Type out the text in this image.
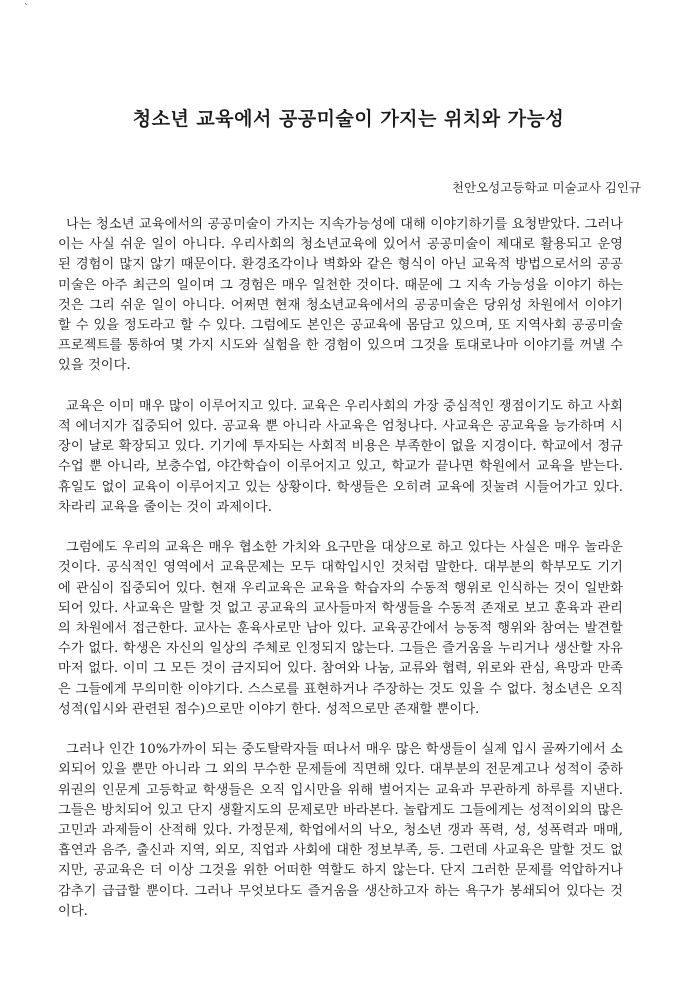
`
청소년 교육에서 공공미술이 가지는 위치와 가능성
천안오성고등학교 미술교사 김인규

나는 청소년 교육에서의 공공미술이 가지는 지속가능성에 대해 이야기하기를 요청받았다. 그러나 이는 사실 쉬운 일이 아니다. 우리사회의 청소년교육에 있어서 공공미술이 제대로 활용되고 운영된 경험이 많지 않기 때문이다. 환경조각이나 벽화와 같은 형식이 아닌 교육적 방법으로서의 공공미술은 아주 최근의 일이며 그 경험은 매우 일천한 것이다. 때문에 그 지속 가능성을 이야기 하는 것은 그리 쉬운 일이 아니다. 어쩌면 현재 청소년교육에서의 공공미술은 당위성 차원에서 이야기 할 수 있을 정도라고 할 수 있다. 그럼에도 본인은 공교육에 몸담고 있으며, 또 지역사회 공공미술 프로젝트를 통하여 몇 가지 시도와 실험을 한 경험이 있으며 그것을 토대로나마 이야기를 꺼낼 수 있을 것이다.

교육은 이미 매우 많이 이루어지고 있다. 교육은 우리사회의 가장 중심적인 쟁점이기도 하고 사회적 에너지가 집중되어 있다. 공교육 뿐 아니라 사교육은 엄청나다. 사교육은 공교육을 능가하며 시장이 날로 확장되고 있다. 기기에 투자되는 사회적 비용은 부족한이 없을 지경이다. 학교에서 정규수업 뿐 아니라, 보충수업, 야간학습이 이루어지고 있고, 학교가 끝나면 학원에서 교육을 받는다. 휴일도 없이 교육이 이루어지고 있는 상황이다. 학생들은 오히려 교육에 짓눌려 시들어가고 있다. 차라리 교육을 줄이는 것이 과제이다.

그럼에도 우리의 교육은 매우 협소한 가치와 요구만을 대상으로 하고 있다는 사실은 매우 놀라운 것이다. 공식적인 영역에서 교육문제는 모두 대학입시인 것처럼 말한다. 대부분의 학부모도 기기에 관심이 집중되어 있다. 현재 우리교육은 교육을 학습자의 수동적 행위로 인식하는 것이 일반화되어 있다. 사교육은 말할 것 없고 공교육의 교사들마저 학생들을 수동적 존재로 보고 훈육과 관리의 차원에서 접근한다. 교사는 훈육사로만 남아 있다. 교육공간에서 능동적 행위와 참여는 발견할 수가 없다. 학생은 자신의 일상의 주체로 인정되지 않는다. 그들은 즐거움을 누리거나 생산할 자유마저 없다. 이미 그 모든 것이 금지되어 있다. 참여와 나눔, 교류와 협력, 위로와 관심, 욕망과 만족은 그들에게 무의미한 이야기다. 스스로를 표현하거나 주장하는 것도 있을 수 없다. 청소년은 오직 성적(입시와 관련된 점수)으로만 이야기 한다. 성적으로만 존재할 뿐이다.

그러나 인간 10%가까이 되는 중도탈락자들 떠나서 매우 많은 학생들이 실제 입시 골짜기에서 소외되어 있을 뿐만 아니라 그 외의 무수한 문제들에 직면해 있다. 대부분의 전문계고나 성적이 중하위권의 인문계 고등학교 학생들은 오직 입시만을 위해 벌어지는 교육과 무관하게 하루를 지낸다. 그들은 방치되어 있고 단지 생활지도의 문제로만 바라본다. 놀랍게도 그들에게는 성적이외의 많은 고민과 과제들이 산적해 있다. 가정문제, 학업에서의 낙오, 청소년 갱과 폭력, 성, 성폭력과 매매, 흡연과 음주, 출신과 지역, 외모, 직업과 사회에 대한 정보부족, 등. 그런데 사교육은 말할 것도 없지만, 공교육은 더 이상 그것을 위한 어떠한 역할도 하지 않는다. 단지 그러한 문제를 억압하거나 감추기 급급할 뿐이다. 그러나 무엇보다도 즐거움을 생산하고자 하는 욕구가 봉쇄되어 있다는 것이다.
